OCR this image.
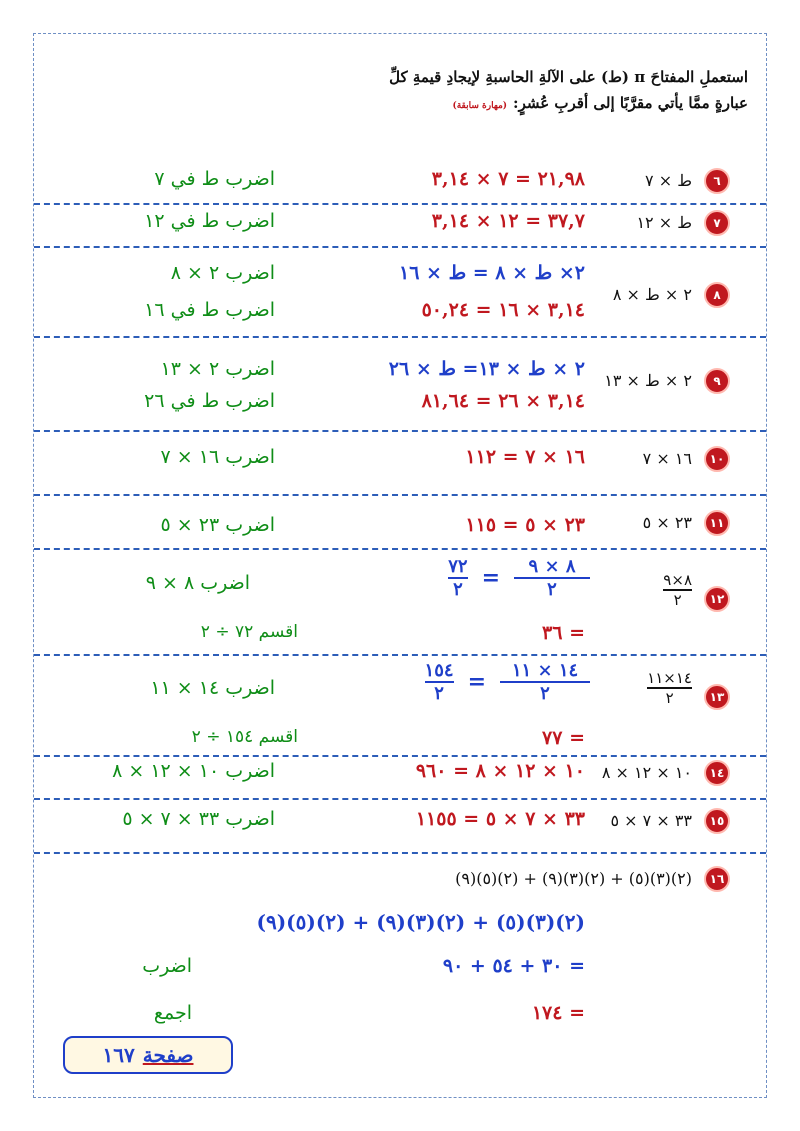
استعملِ المفتاحَ π (ط) على الآلةِ الحاسبةِ لإيجادِ قيمةِ كلِّ
عبارةٍ ممَّا يأتي مقرَّبًا إلى أقربِ عُشرٍ:(مهارة سابقة)
٦
ط × ٧
٢١,٩٨ = ٧ × ٣,١٤
اضرب ط في ٧
٧
ط × ١٢
٣٧,٧ = ١٢ × ٣,١٤
اضرب ط في ١٢
٨
٢ × ط × ٨
٢× ط × ٨ = ط × ١٦
٣,١٤ × ١٦ = ٥٠,٢٤
اضرب ٢ × ٨
اضرب ط في ١٦
٩
٢ × ط × ١٣
٢ × ط × ١٣= ط × ٢٦
٣,١٤ × ٢٦ = ٨١,٦٤
اضرب ٢ × ١٣
اضرب ط في ٢٦
١٠
١٦ × ٧
١٦ × ٧ = ١١٢
اضرب ١٦ × ٧
١١
٢٣ × ٥
٢٣ × ٥ = ١١٥
اضرب ٢٣ × ٥
١٢
$\frac{٨\times ٩}{٢}$
$\frac{٧٢}{٢} = \frac{٨ \times ٩}{٢}$
اضرب ٨ × ٩
= ٣٦
اقسم ٧٢ ÷ ٢
١٣
$\frac{١٤\times ١١}{٢}$
$\frac{١٥٤}{٢} = \frac{١٤ \times ١١}{٢}$
اضرب ١٤ × ١١
= ٧٧
اقسم ١٥٤ ÷ ٢
١٤
١٠ × ١٢ × ٨
١٠ × ١٢ × ٨ = ٩٦٠
اضرب ١٠ × ١٢ × ٨
١٥
٣٣ × ٧ × ٥
٣٣ × ٧ × ٥ = ١١٥٥
اضرب ٣٣ × ٧ × ٥
١٦
(٢)(٣)(٥) + (٢)(٣)(٩) + (٢)(٥)(٩)
(٢)(٣)(٥) + (٢)(٣)(٩) + (٢)(٥)(٩)
= ٣٠ + ٥٤ + ٩٠
اضرب
= ١٧٤
اجمع
صفحة
١٦٧
